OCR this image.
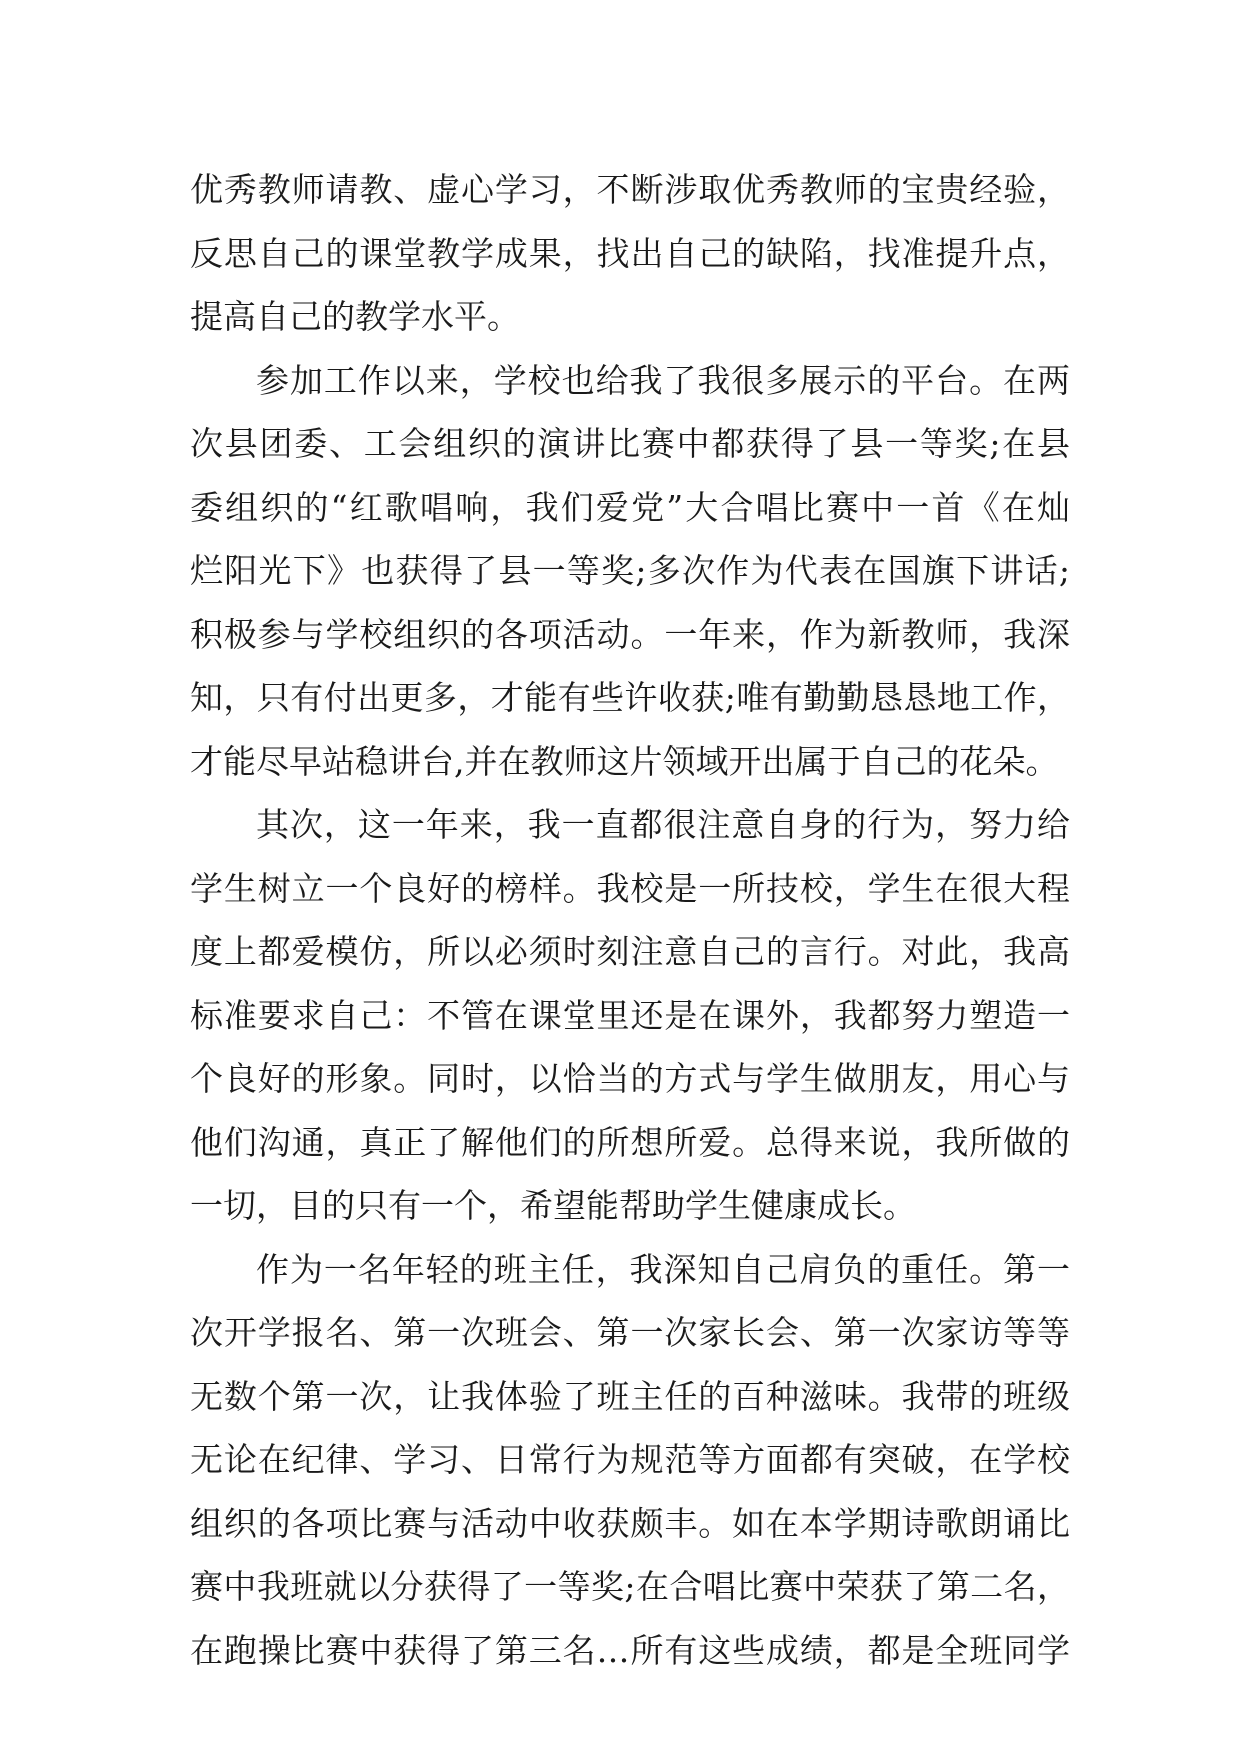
优秀教师请教、虚心学习，不断涉取优秀教师的宝贵经验，
反思自己的课堂教学成果，找出自己的缺陷，找准提升点，
提高自己的教学水平。
参加工作以来，学校也给我了我很多展示的平台。在两
次县团委、工会组织的演讲比赛中都获得了县一等奖;在县
委组织的“红歌唱响，我们爱党”大合唱比赛中一首《在灿
烂阳光下》也获得了县一等奖;多次作为代表在国旗下讲话;
积极参与学校组织的各项活动。一年来，作为新教师，我深
知，只有付出更多，才能有些许收获;唯有勤勤恳恳地工作，
才能尽早站稳讲台,并在教师这片领域开出属于自己的花朵。
其次，这一年来，我一直都很注意自身的行为，努力给
学生树立一个良好的榜样。我校是一所技校，学生在很大程
度上都爱模仿，所以必须时刻注意自己的言行。对此，我高
标准要求自己：不管在课堂里还是在课外，我都努力塑造一
个良好的形象。同时，以恰当的方式与学生做朋友，用心与
他们沟通，真正了解他们的所想所爱。总得来说，我所做的
一切，目的只有一个，希望能帮助学生健康成长。
作为一名年轻的班主任，我深知自己肩负的重任。第一
次开学报名、第一次班会、第一次家长会、第一次家访等等
无数个第一次，让我体验了班主任的百种滋味。我带的班级
无论在纪律、学习、日常行为规范等方面都有突破，在学校
组织的各项比赛与活动中收获颇丰。如在本学期诗歌朗诵比
赛中我班就以分获得了一等奖;在合唱比赛中荣获了第二名，
在跑操比赛中获得了第三名…所有这些成绩，都是全班同学
